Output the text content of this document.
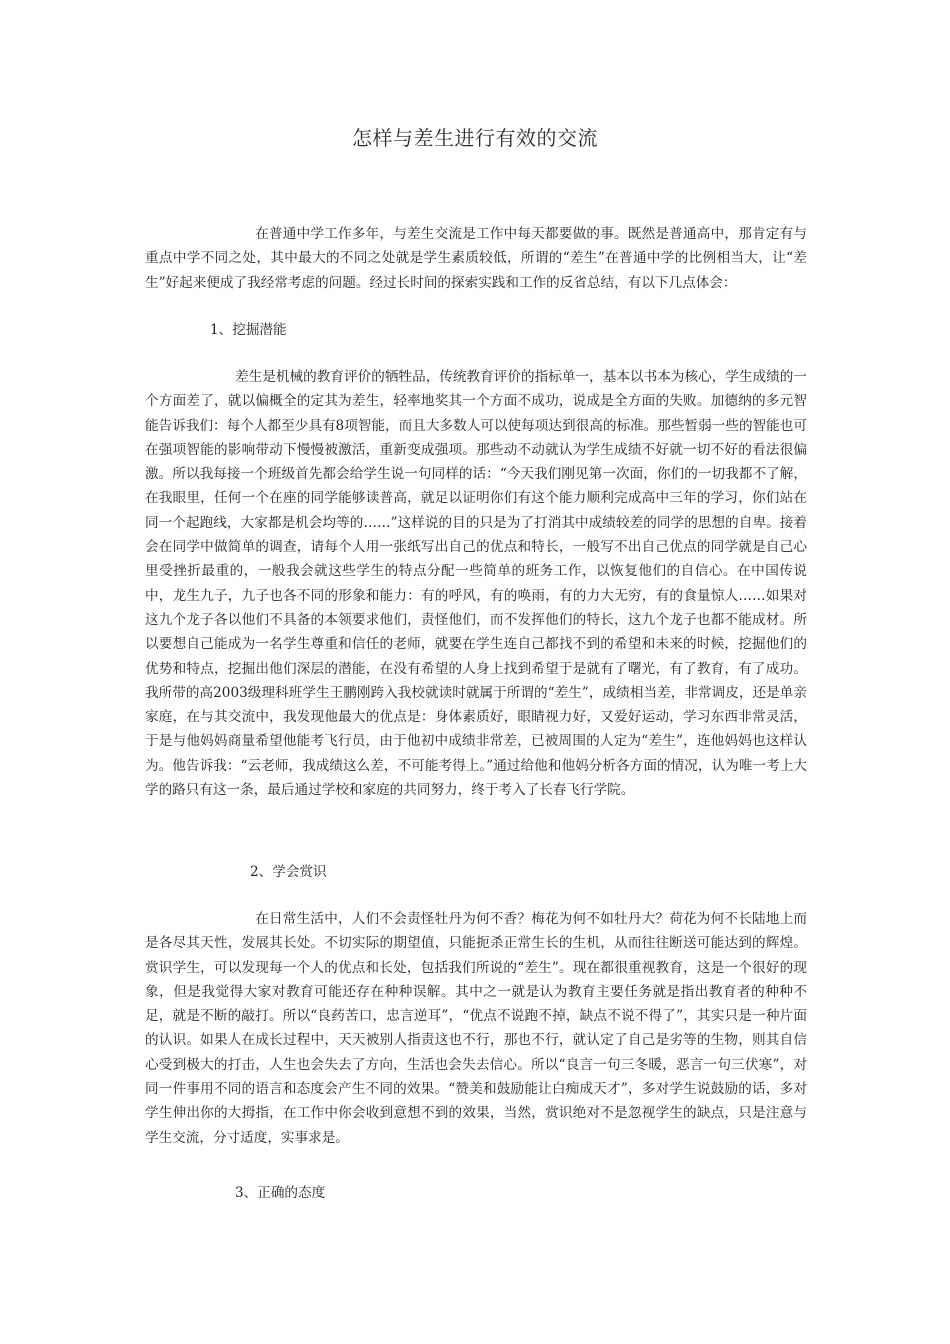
怎样与差生进行有效的交流

在普通中学工作多年，与差生交流是工作中每天都要做的事。既然是普通高中，那肯定有与重点中学不同之处，其中最大的不同之处就是学生素质较低，所谓的“差生”在普通中学的比例相当大，让“差生”好起来便成了我经常考虑的问题。经过长时间的探索实践和工作的反省总结，有以下几点体会：

1、挖掘潜能

差生是机械的教育评价的牺牲品，传统教育评价的指标单一，基本以书本为核心，学生成绩的一个方面差了，就以偏概全的定其为差生，轻率地奖其一个方面不成功，说成是全方面的失败。加德纳的多元智能告诉我们：每个人都至少具有8项智能，而且大多数人可以使每项达到很高的标准。那些暂弱一些的智能也可在强项智能的影响带动下慢慢被激活，重新变成强项。那些动不动就认为学生成绩不好就一切不好的看法很偏激。所以我每接一个班级首先都会给学生说一句同样的话：“今天我们刚见第一次面，你们的一切我都不了解，在我眼里，任何一个在座的同学能够读普高，就足以证明你们有这个能力顺利完成高中三年的学习，你们站在同一个起跑线，大家都是机会均等的……”这样说的目的只是为了打消其中成绩较差的同学的思想的自卑。接着会在同学中做简单的调查，请每个人用一张纸写出自己的优点和特长，一般写不出自己优点的同学就是自己心里受挫折最重的，一般我会就这些学生的特点分配一些简单的班务工作，以恢复他们的自信心。在中国传说中，龙生九子，九子也各不同的形象和能力：有的呼风，有的唤雨，有的力大无穷，有的食量惊人……如果对这九个龙子各以他们不具备的本领要求他们，责怪他们，而不发挥他们的特长，这九个龙子也都不能成材。所以要想自己能成为一名学生尊重和信任的老师，就要在学生连自己都找不到的希望和未来的时候，挖掘他们的优势和特点，挖掘出他们深层的潜能，在没有希望的人身上找到希望于是就有了曙光，有了教育，有了成功。我所带的高2003级理科班学生王鹏刚跨入我校就读时就属于所谓的“差生”，成绩相当差，非常调皮，还是单亲家庭，在与其交流中，我发现他最大的优点是：身体素质好，眼睛视力好，又爱好运动，学习东西非常灵活，于是与他妈妈商量希望他能考飞行员，由于他初中成绩非常差，已被周围的人定为“差生”，连他妈妈也这样认为。他告诉我：“云老师，我成绩这么差，不可能考得上。”通过给他和他妈分析各方面的情况，认为唯一考上大学的路只有这一条，最后通过学校和家庭的共同努力，终于考入了长春飞行学院。

2、学会赏识

在日常生活中，人们不会责怪牡丹为何不香？梅花为何不如牡丹大？荷花为何不长陆地上而是各尽其天性，发展其长处。不切实际的期望值，只能扼杀正常生长的生机，从而往往断送可能达到的辉煌。赏识学生，可以发现每一个人的优点和长处，包括我们所说的“差生”。现在都很重视教育，这是一个很好的现象，但是我觉得大家对教育可能还存在种种误解。其中之一就是认为教育主要任务就是指出教育者的种种不足，就是不断的敲打。所以“良药苦口，忠言逆耳”，“优点不说跑不掉，缺点不说不得了”，其实只是一种片面的认识。如果人在成长过程中，天天被别人指责这也不行，那也不行，就认定了自己是劣等的生物，则其自信心受到极大的打击，人生也会失去了方向，生活也会失去信心。所以“良言一句三冬暖，恶言一句三伏寒”，对同一件事用不同的语言和态度会产生不同的效果。“赞美和鼓励能让白痴成天才”，多对学生说鼓励的话，多对学生伸出你的大拇指，在工作中你会收到意想不到的效果，当然，赏识绝对不是忽视学生的缺点，只是注意与学生交流，分寸适度，实事求是。

3、正确的态度
